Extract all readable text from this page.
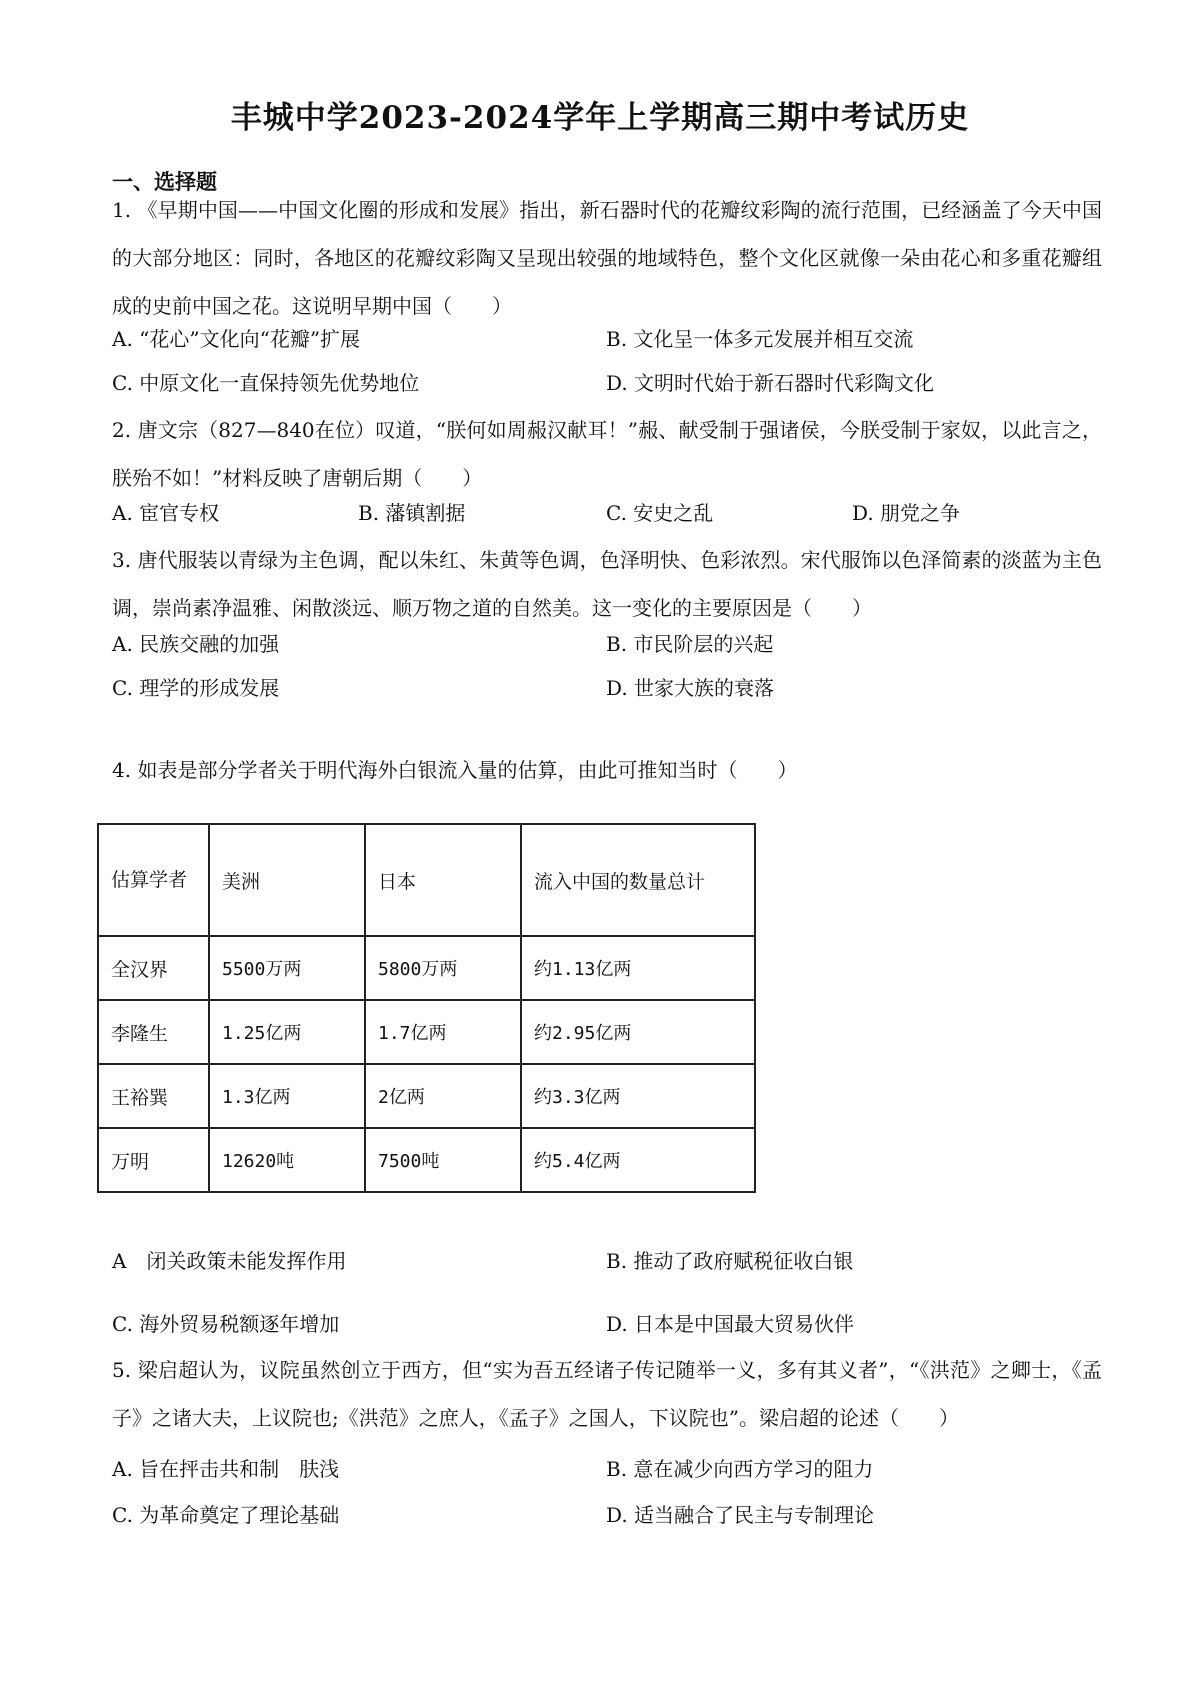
丰城中学2023-2024学年上学期高三期中考试历史
一、选择题
1. 《早期中国——中国文化圈的形成和发展》指出，新石器时代的花瓣纹彩陶的流行范围，已经涵盖了今天中国的大部分地区：同时，各地区的花瓣纹彩陶又呈现出较强的地域特色，整个文化区就像一朵由花心和多重花瓣组成的史前中国之花。这说明早期中国（　　）
A. “花心”文化向“花瓣”扩展	B. 文化呈一体多元发展并相互交流
C. 中原文化一直保持领先优势地位	D. 文明时代始于新石器时代彩陶文化
2. 唐文宗（827—840在位）叹道，“朕何如周赧汉献耳！”赧、献受制于强诸侯，今朕受制于家奴，以此言之，朕殆不如！”材料反映了唐朝后期（　　）
A. 宦官专权	B. 藩镇割据	C. 安史之乱	D. 朋党之争
3. 唐代服装以青绿为主色调，配以朱红、朱黄等色调，色泽明快、色彩浓烈。宋代服饰以色泽简素的淡蓝为主色调，崇尚素净温雅、闲散淡远、顺万物之道的自然美。这一变化的主要原因是（　　）
A. 民族交融的加强	B. 市民阶层的兴起
C. 理学的形成发展	D. 世家大族的衰落
4. 如表是部分学者关于明代海外白银流入量的估算，由此可推知当时（　　）
估算学者	美洲	日本	流入中国的数量总计
全汉界	5500万两	5800万两	约1.13亿两
李隆生	1.25亿两	1.7亿两	约2.95亿两
王裕巽	1.3亿两	2亿两	约3.3亿两
万明	12620吨	7500吨	约5.4亿两
A　闭关政策未能发挥作用	B. 推动了政府赋税征收白银
C. 海外贸易税额逐年增加	D. 日本是中国最大贸易伙伴
5. 梁启超认为，议院虽然创立于西方，但“实为吾五经诸子传记随举一义，多有其义者”，“《洪范》之卿士，《孟子》之诸大夫，上议院也;《洪范》之庶人，《孟子》之国人，下议院也”。梁启超的论述（　　）
A. 旨在抨击共和制　肤浅	B. 意在减少向西方学习的阻力
C. 为革命奠定了理论基础	D. 适当融合了民主与专制理论
